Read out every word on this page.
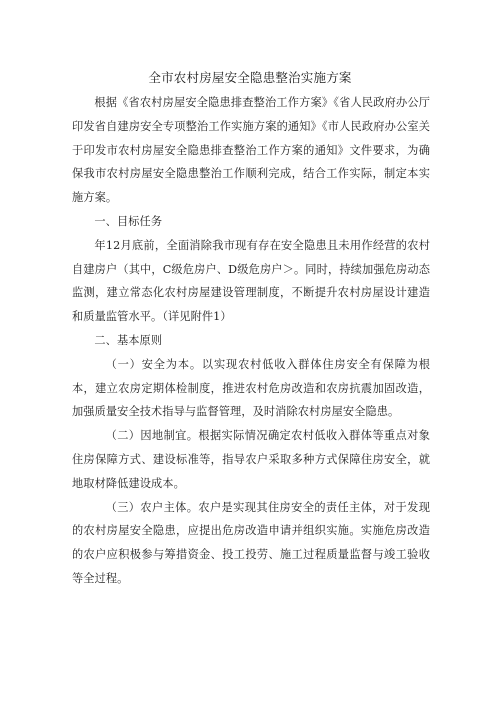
全市农村房屋安全隐患整治实施方案

根据《省农村房屋安全隐患排查整治工作方案》《省人民政府办公厅印发省自建房安全专项整治工作实施方案的通知》《市人民政府办公室关于印发市农村房屋安全隐患排查整治工作方案的通知》文件要求，为确保我市农村房屋安全隐患整治工作顺利完成，结合工作实际，制定本实施方案。

一、目标任务

年12月底前，全面消除我市现有存在安全隐患且未用作经营的农村自建房户（其中，C级危房户、D级危房户＞。同时，持续加强危房动态监测，建立常态化农村房屋建设管理制度，不断提升农村房屋设计建造和质量监管水平。（详见附件1）

二、基本原则

（一）安全为本。以实现农村低收入群体住房安全有保障为根本，建立农房定期体检制度，推进农村危房改造和农房抗震加固改造，加强质量安全技术指导与监督管理，及时消除农村房屋安全隐患。

（二）因地制宜。根据实际情况确定农村低收入群体等重点对象住房保障方式、建设标准等，指导农户采取多种方式保障住房安全，就地取材降低建设成本。

（三）农户主体。农户是实现其住房安全的责任主体，对于发现的农村房屋安全隐患，应提出危房改造申请并组织实施。实施危房改造的农户应积极参与筹措资金、投工投劳、施工过程质量监督与竣工验收等全过程。
